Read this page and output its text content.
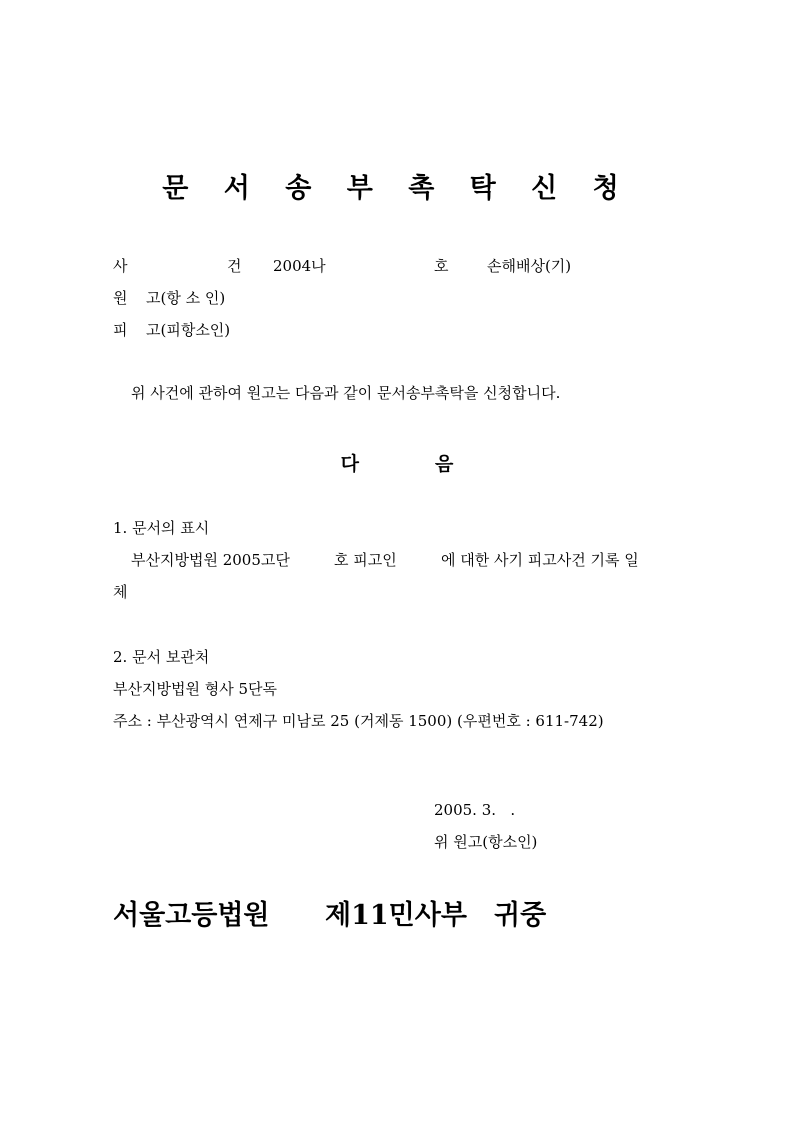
문 서 송 부 촉 탁 신 청
사	건 2004나	호	손해배상(기)
원 고(항 소 인)
피 고(피항소인)
위 사건에 관하여 원고는 다음과 같이 문서송부촉탁을 신청합니다.
다	음
1. 문서의 표시
부산지방법원 2005고단	호 피고인	에 대한 사기 피고사건 기록 일
체
2. 문서 보관처
부산지방법원 형사 5단독
주소 : 부산광역시 연제구 미남로 25 (거제동 1500) (우편번호 : 611-742)
2005. 3.   .
위 원고(항소인)
서울고등법원 제11민사부 귀중
